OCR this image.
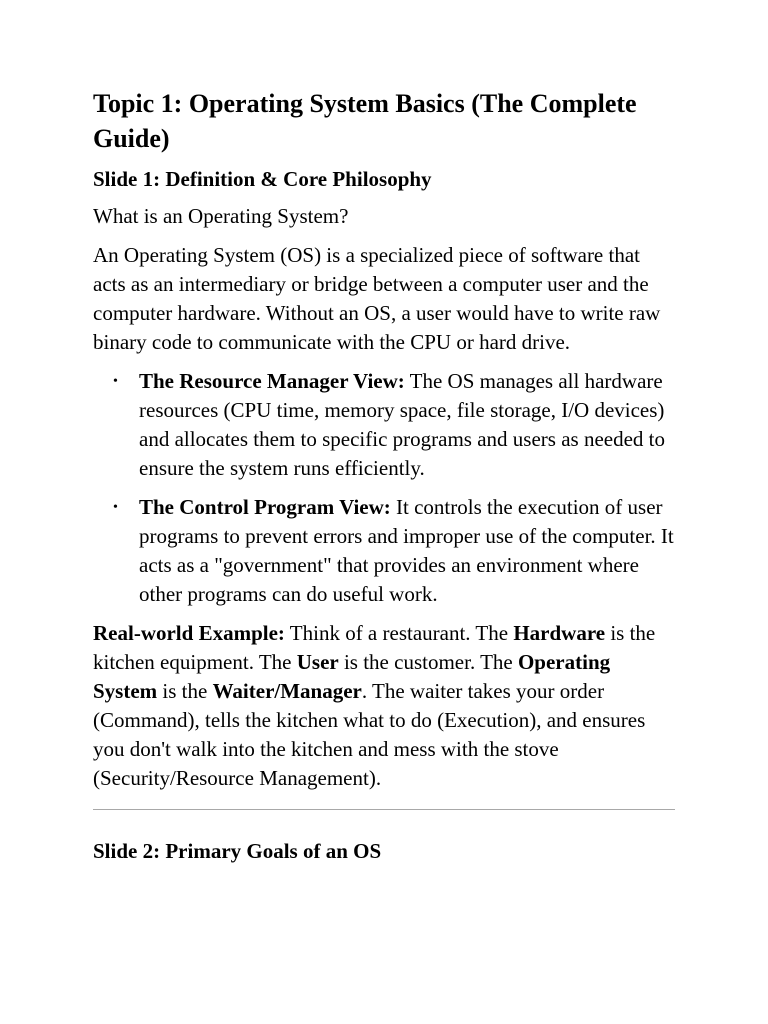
Topic 1: Operating System Basics (The Complete Guide)
Slide 1: Definition & Core Philosophy

What is an Operating System?

An Operating System (OS) is a specialized piece of software that acts as an intermediary or bridge between a computer user and the computer hardware. Without an OS, a user would have to write raw binary code to communicate with the CPU or hard drive.

• The Resource Manager View: The OS manages all hardware resources (CPU time, memory space, file storage, I/O devices) and allocates them to specific programs and users as needed to ensure the system runs efficiently.
• The Control Program View: It controls the execution of user programs to prevent errors and improper use of the computer. It acts as a "government" that provides an environment where other programs can do useful work.

Real-world Example: Think of a restaurant. The Hardware is the kitchen equipment. The User is the customer. The Operating System is the Waiter/Manager. The waiter takes your order (Command), tells the kitchen what to do (Execution), and ensures you don't walk into the kitchen and mess with the stove (Security/Resource Management).

Slide 2: Primary Goals of an OS
